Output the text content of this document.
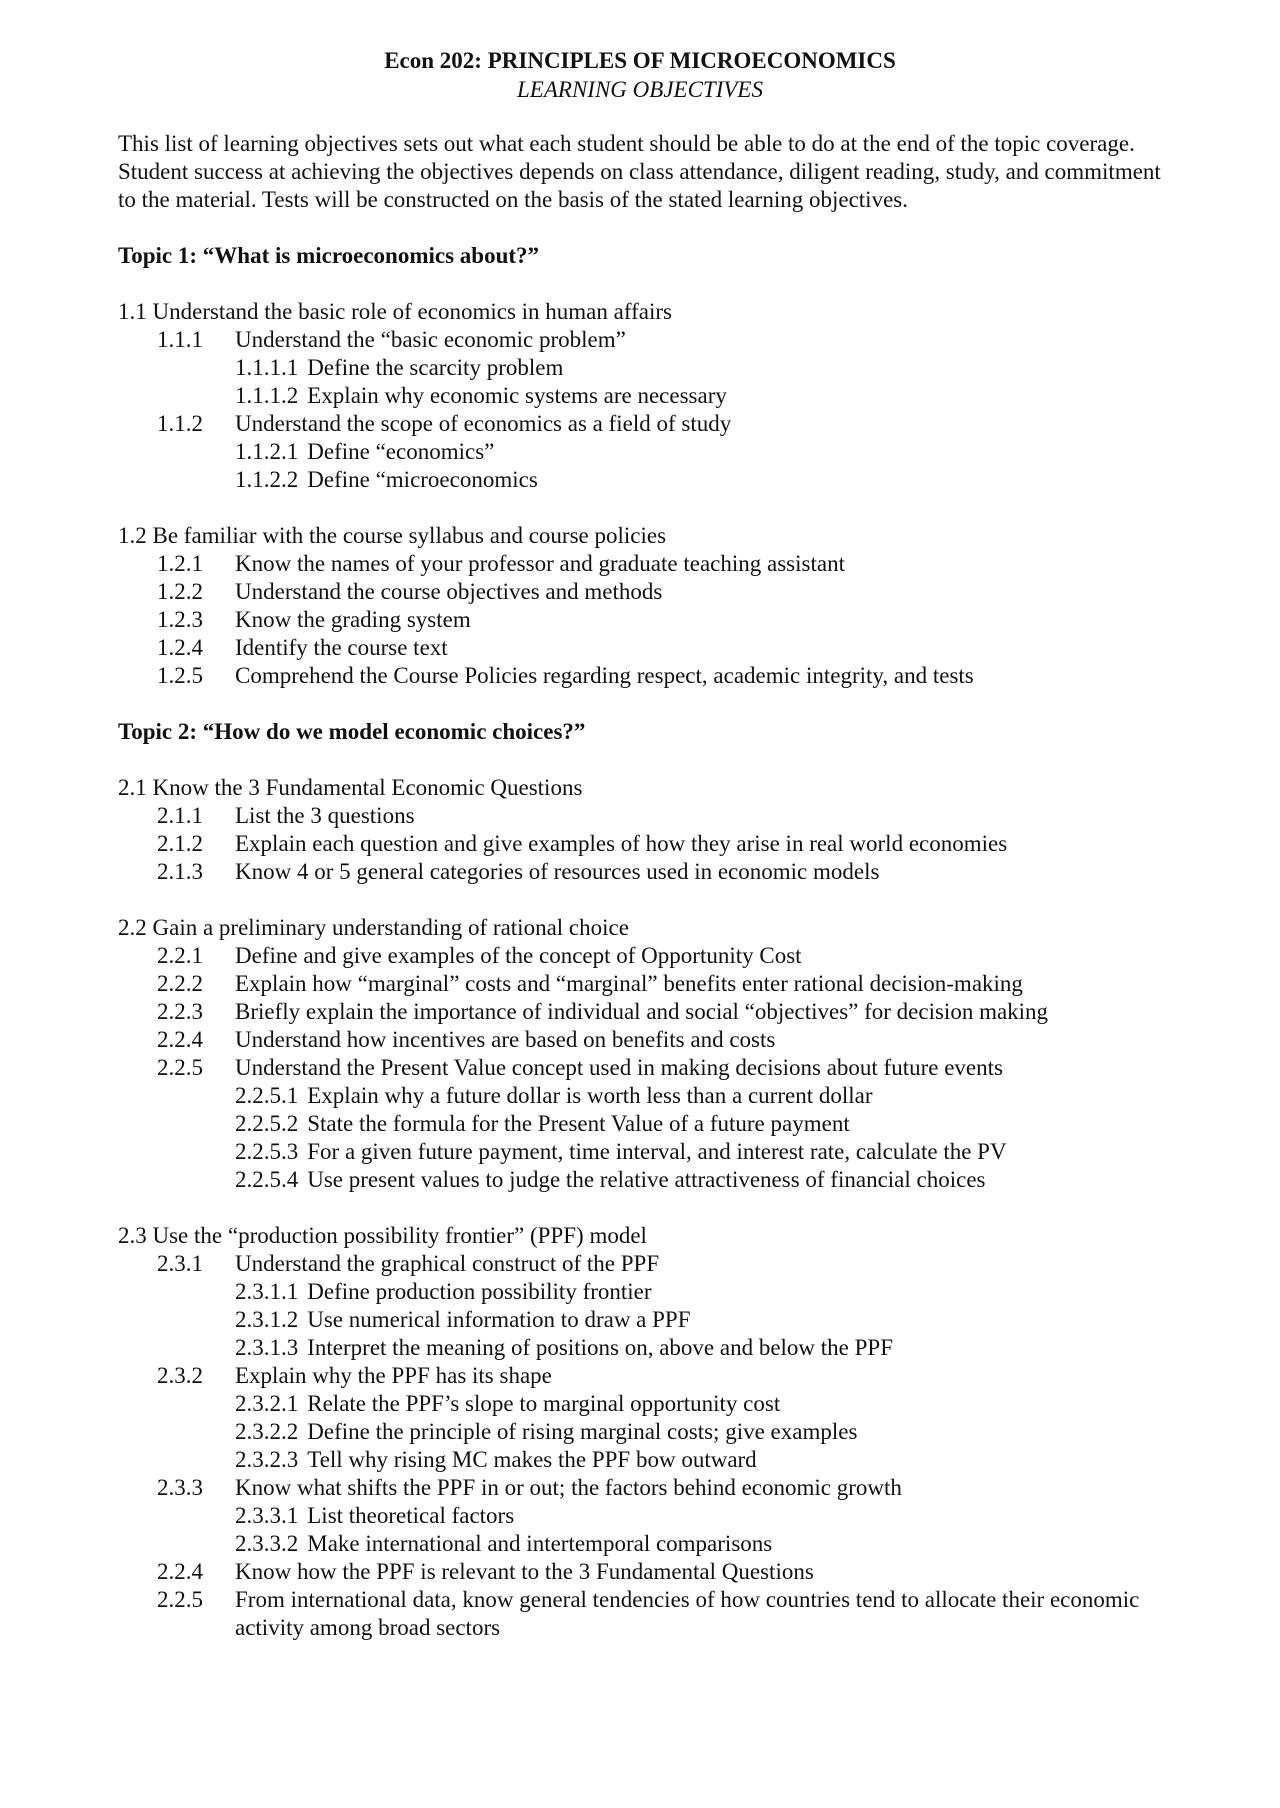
Econ 202: PRINCIPLES OF MICROECONOMICS
LEARNING OBJECTIVES
This list of learning objectives sets out what each student should be able to do at the end of the topic coverage. Student success at achieving the objectives depends on class attendance, diligent reading, study, and commitment to the material. Tests will be constructed on the basis of the stated learning objectives.
Topic 1: “What is microeconomics about?”
1.1 Understand the basic role of economics in human affairs
1.1.1	Understand the “basic economic problem”
1.1.1.1 Define the scarcity problem
1.1.1.2 Explain why economic systems are necessary
1.1.2	Understand the scope of economics as a field of study
1.1.2.1 Define “economics”
1.1.2.2 Define “microeconomics
1.2 Be familiar with the course syllabus and course policies
1.2.1	Know the names of your professor and graduate teaching assistant
1.2.2	Understand the course objectives and methods
1.2.3	Know the grading system
1.2.4	Identify the course text
1.2.5	Comprehend the Course Policies regarding respect, academic integrity, and tests
Topic 2: “How do we model economic choices?”
2.1 Know the 3 Fundamental Economic Questions
2.1.1	List the 3 questions
2.1.2	Explain each question and give examples of how they arise in real world economies
2.1.3	Know 4 or 5 general categories of resources used in economic models
2.2 Gain a preliminary understanding of rational choice
2.2.1	Define and give examples of the concept of Opportunity Cost
2.2.2	Explain how “marginal” costs and “marginal” benefits enter rational decision-making
2.2.3	Briefly explain the importance of individual and social “objectives” for decision making
2.2.4	Understand how incentives are based on benefits and costs
2.2.5	Understand the Present Value concept used in making decisions about future events
2.2.5.1 Explain why a future dollar is worth less than a current dollar
2.2.5.2 State the formula for the Present Value of a future payment
2.2.5.3 For a given future payment, time interval, and interest rate, calculate the PV
2.2.5.4 Use present values to judge the relative attractiveness of financial choices
2.3 Use the “production possibility frontier” (PPF) model
2.3.1	Understand the graphical construct of the PPF
2.3.1.1 Define production possibility frontier
2.3.1.2 Use numerical information to draw a PPF
2.3.1.3 Interpret the meaning of positions on, above and below the PPF
2.3.2	Explain why the PPF has its shape
2.3.2.1 Relate the PPF’s slope to marginal opportunity cost
2.3.2.2 Define the principle of rising marginal costs; give examples
2.3.2.3 Tell why rising MC makes the PPF bow outward
2.3.3	Know what shifts the PPF in or out; the factors behind economic growth
2.3.3.1 List theoretical factors
2.3.3.2 Make international and intertemporal comparisons
2.2.4	Know how the PPF is relevant to the 3 Fundamental Questions
2.2.5	From international data, know general tendencies of how countries tend to allocate their economic activity among broad sectors
